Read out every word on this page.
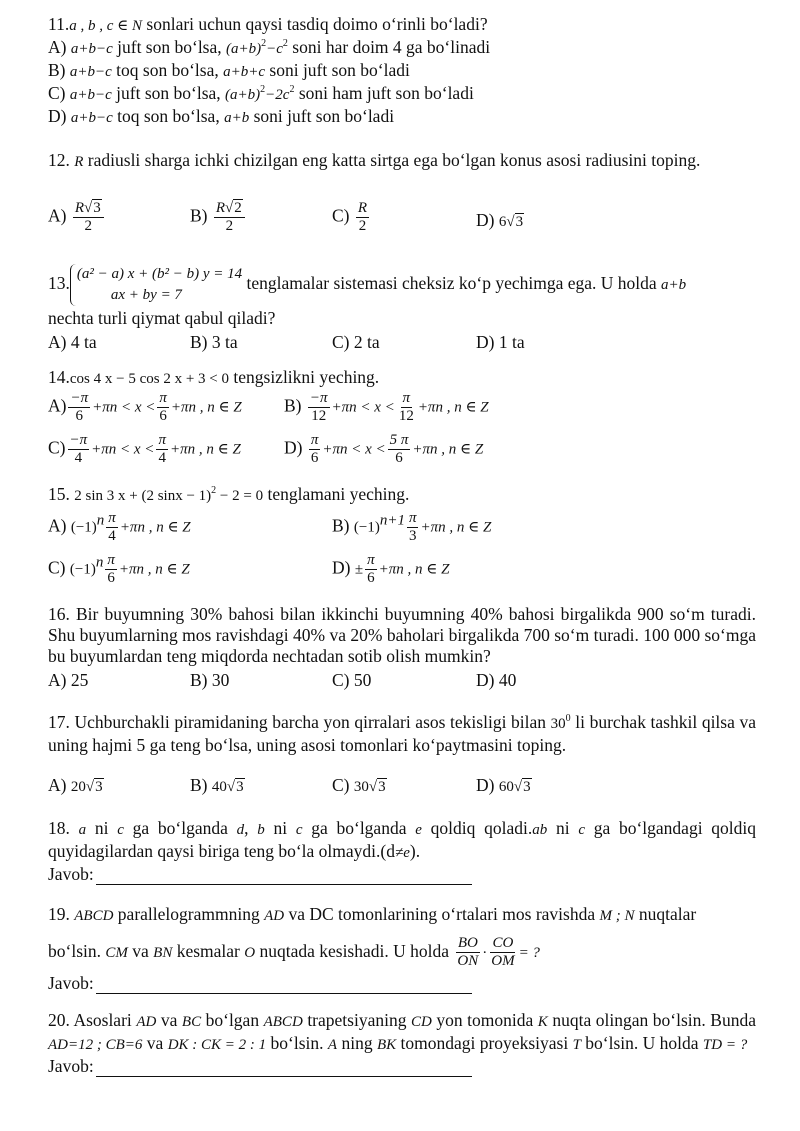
11.a , b , c ∈ N sonlari uchun qaysi tasdiq doimo o‘rinli bo‘ladi?
A) a+b−c juft son bo‘lsa, $(a+b)^2-c^2$ soni har doim 4 ga bo‘linadi
B) a+b−c toq son bo‘lsa, a+b+c soni juft son bo‘ladi
C) a+b−c juft son bo‘lsa, $(a+b)^2-2c^2$ soni ham juft son bo‘ladi
D) a+b−c toq son bo‘lsa, a+b soni juft son bo‘ladi
12. R radiusli sharga ichki chizilgan eng katta sirtga ega bo‘lgan konus asosi radiusini toping.
$A) \frac{R√3}{2}$	$B) \frac{R√2}{2}$	$C) \frac{R}{2}$	D) 6√3
13. (a² − a) x + (b² − b) y = 14
ax + by = 7
tenglamalar sistemasi cheksiz ko‘p yechimga ega. U holda a+b
nechta turli qiymat qabul qiladi?
A) 4 ta	B) 3 ta	C) 2 ta	D) 1 ta
14.cos 4 x − 5 cos 2 x + 3 < 0 tengsizlikni yeching.
$A) \frac{-\pi}{6} +\pi n < x < \frac{\pi}{6} +\pi n$ , n ∈ Z $B) \frac{-\pi}{12} +\pi n < x < \frac{\pi}{12} +\pi n$ , n ∈ Z
$C) \frac{-\pi}{4} +\pi n < x < \frac{\pi}{4} +\pi n$ , n ∈ Z $D) \frac{\pi}{6} +\pi n < x < \frac{5 \pi}{6} +\pi n$ , n ∈ Z
15. 2 sin 3 x + (2 sinx − 1)$^2$ − 2 = 0 tenglamani yeching.
A) $(-1)^n \frac{\pi}{4} +\pi n$ , n ∈ Z	B) $(-1)^{n+1} \frac{\pi}{3} +\pi n$ , n ∈ Z
C) $(-1)^n \frac{\pi}{6} +\pi n$ , n ∈ Z	$D) \pm \frac{\pi}{6} +\pi n$ , n ∈ Z
16. Bir buyumning 30% bahosi bilan ikkinchi buyumning 40% bahosi birgalikda 900 so‘m turadi. Shu buyumlarning mos ravishdagi 40% va 20% baholari birgalikda 700 so‘m turadi. 100 000 so‘mga bu buyumlardan teng miqdorda nechtadan sotib olish mumkin?
A) 25	B) 30	C) 50	D) 40
17. Uchburchakli piramidaning barcha yon qirralari asos tekisligi bilan $30^0$ li burchak tashkil qilsa va uning hajmi 5 ga teng bo‘lsa, uning asosi tomonlari ko‘paytmasini toping.
A) 20√3	B) 40√3	C) 30√3	D) 60√3
18. a ni c ga bo‘lganda d, b ni c ga bo‘lganda e qoldiq qoladi.ab ni c ga bo‘lgandagi qoldiq quyidagilardan qaysi biriga teng bo‘la olmaydi.(d≠e).
Javob:
19. ABCD parallelogrammning AD va DC tomonlarining o‘rtalari mos ravishda M ; N nuqtalar
bo‘lsin. CM va BN kesmalar O nuqtada kesishadi. U holda $\frac{BO}{ON} \cdot \frac{CO}{OM}$ = ?
Javob:
20. Asoslari AD va BC bo‘lgan ABCD trapetsiyaning CD yon tomonida K nuqta olingan bo‘lsin. Bunda AD=12 ; CB=6 va DK : CK = 2 : 1 bo‘lsin. A ning BK tomondagi proyeksiyasi T bo‘lsin. U holda TD = ?
Javob:
